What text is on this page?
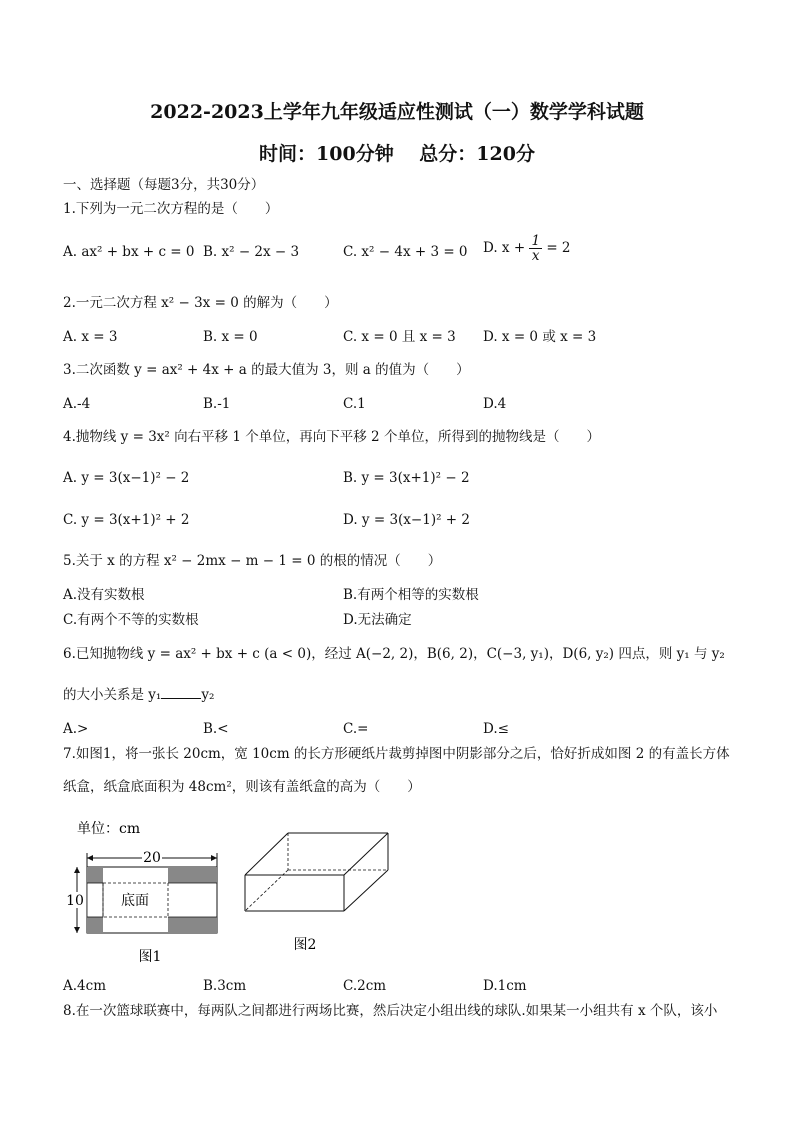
2022-2023上学年九年级适应性测试（一）数学学科试题
时间：100分钟　 总分：120分
一、选择题（每题3分，共30分）
1.下列为一元二次方程的是（　　）
A. ax² + bx + c = 0 B. x² − 2x − 3	C. x² − 4x + 3 = 0 D. $x + \frac{1}{x} = 2$
2.一元二次方程 x² − 3x = 0 的解为（　　）
A. x = 3	B. x = 0	C. x = 0 且 x = 3 D. x = 0 或 x = 3
3.二次函数 y = ax² + 4x + a 的最大值为 3，则 a 的值为（　　）
A.-4	B.-1	C.1	D.4
4.抛物线 y = 3x² 向右平移 1 个单位，再向下平移 2 个单位，所得到的抛物线是（　　）
A. y = 3(x−1)² − 2	B. y = 3(x+1)² − 2
C. y = 3(x+1)² + 2	D. y = 3(x−1)² + 2
5.关于 x 的方程 x² − 2mx − m − 1 = 0 的根的情况（　　）
A.没有实数根	B.有两个相等的实数根
C.有两个不等的实数根	D.无法确定
6.已知抛物线 y = ax² + bx + c (a < 0)，经过 A(−2, 2)，B(6, 2)，C(−3, y₁)，D(6, y₂) 四点，则 y₁ 与 y₂
的大小关系是 y₁	y₂
A.>	B.<	C.=	D.≤
7.如图1，将一张长 20cm，宽 10cm 的长方形硬纸片裁剪掉图中阴影部分之后，恰好折成如图 2 的有盖长方体
纸盒，纸盒底面积为 48cm²，则该有盖纸盒的高为（　　）
单位：cm
20
10	底面
图1
图2
A.4cm	B.3cm	C.2cm	D.1cm
8.在一次篮球联赛中，每两队之间都进行两场比赛，然后决定小组出线的球队.如果某一小组共有 x 个队，该小
